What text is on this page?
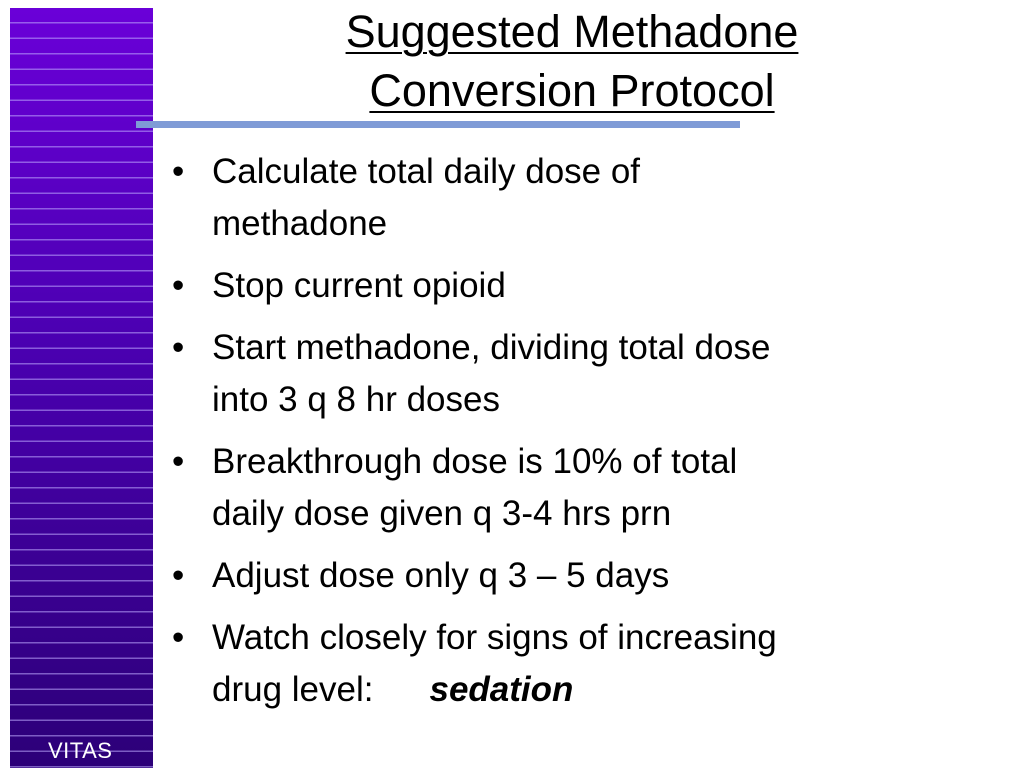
VITAS
Suggested Methadone
Conversion Protocol
• Calculate total daily dose of
methadone
• Stop current opioid
• Start methadone, dividing total dose
into 3 q 8 hr doses
• Breakthrough dose is 10% of total
daily dose given q 3-4 hrs prn
• Adjust dose only q 3 – 5 days
• Watch closely for signs of increasing
drug level: sedation
